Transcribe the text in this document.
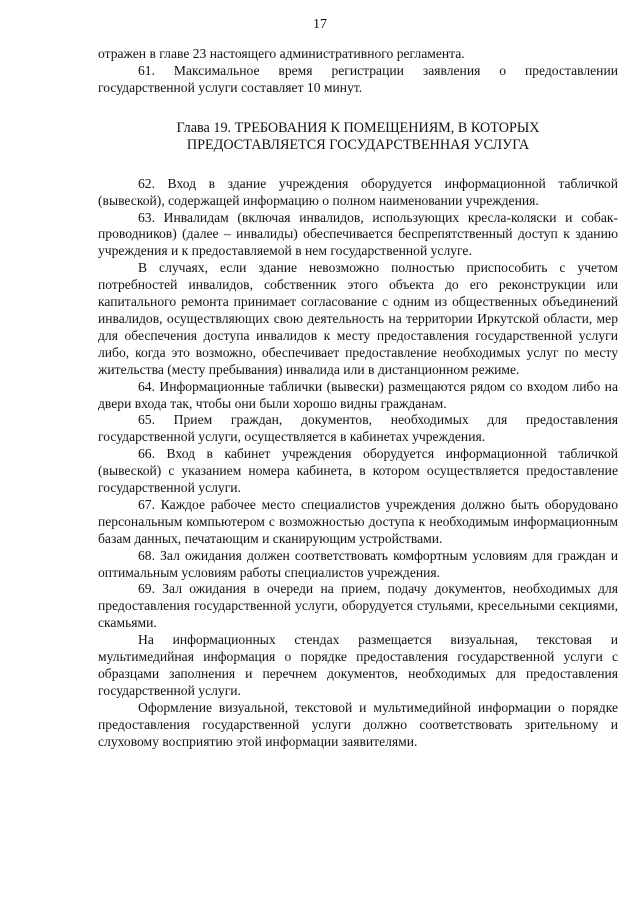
17

отражен в главе 23 настоящего административного регламента.

61. Максимальное время регистрации заявления о предоставлении государственной услуги составляет 10 минут.

Глава 19. ТРЕБОВАНИЯ К ПОМЕЩЕНИЯМ, В КОТОРЫХ
ПРЕДОСТАВЛЯЕТСЯ ГОСУДАРСТВЕННАЯ УСЛУГА

62. Вход в здание учреждения оборудуется информационной табличкой (вывеской), содержащей информацию о полном наименовании учреждения.

63. Инвалидам (включая инвалидов, использующих кресла-коляски и собак-проводников) (далее – инвалиды) обеспечивается беспрепятственный доступ к зданию учреждения и к предоставляемой в нем государственной услуге.

В случаях, если здание невозможно полностью приспособить с учетом потребностей инвалидов, собственник этого объекта до его реконструкции или капитального ремонта принимает согласование с одним из общественных объединений инвалидов, осуществляющих свою деятельность на территории Иркутской области, мер для обеспечения доступа инвалидов к месту предоставления государственной услуги либо, когда это возможно, обеспечивает предоставление необходимых услуг по месту жительства (месту пребывания) инвалида или в дистанционном режиме.

64. Информационные таблички (вывески) размещаются рядом со входом либо на двери входа так, чтобы они были хорошо видны гражданам.

65. Прием граждан, документов, необходимых для предоставления государственной услуги, осуществляется в кабинетах учреждения.

66. Вход в кабинет учреждения оборудуется информационной табличкой (вывеской) с указанием номера кабинета, в котором осуществляется предоставление государственной услуги.

67. Каждое рабочее место специалистов учреждения должно быть оборудовано персональным компьютером с возможностью доступа к необходимым информационным базам данных, печатающим и сканирующим устройствами.

68. Зал ожидания должен соответствовать комфортным условиям для граждан и оптимальным условиям работы специалистов учреждения.

69. Зал ожидания в очереди на прием, подачу документов, необходимых для предоставления государственной услуги, оборудуется стульями, кресельными секциями, скамьями.

На информационных стендах размещается визуальная, текстовая и мультимедийная информация о порядке предоставления государственной услуги с образцами заполнения и перечнем документов, необходимых для предоставления государственной услуги.

Оформление визуальной, текстовой и мультимедийной информации о порядке предоставления государственной услуги должно соответствовать зрительному и слуховому восприятию этой информации заявителями.
